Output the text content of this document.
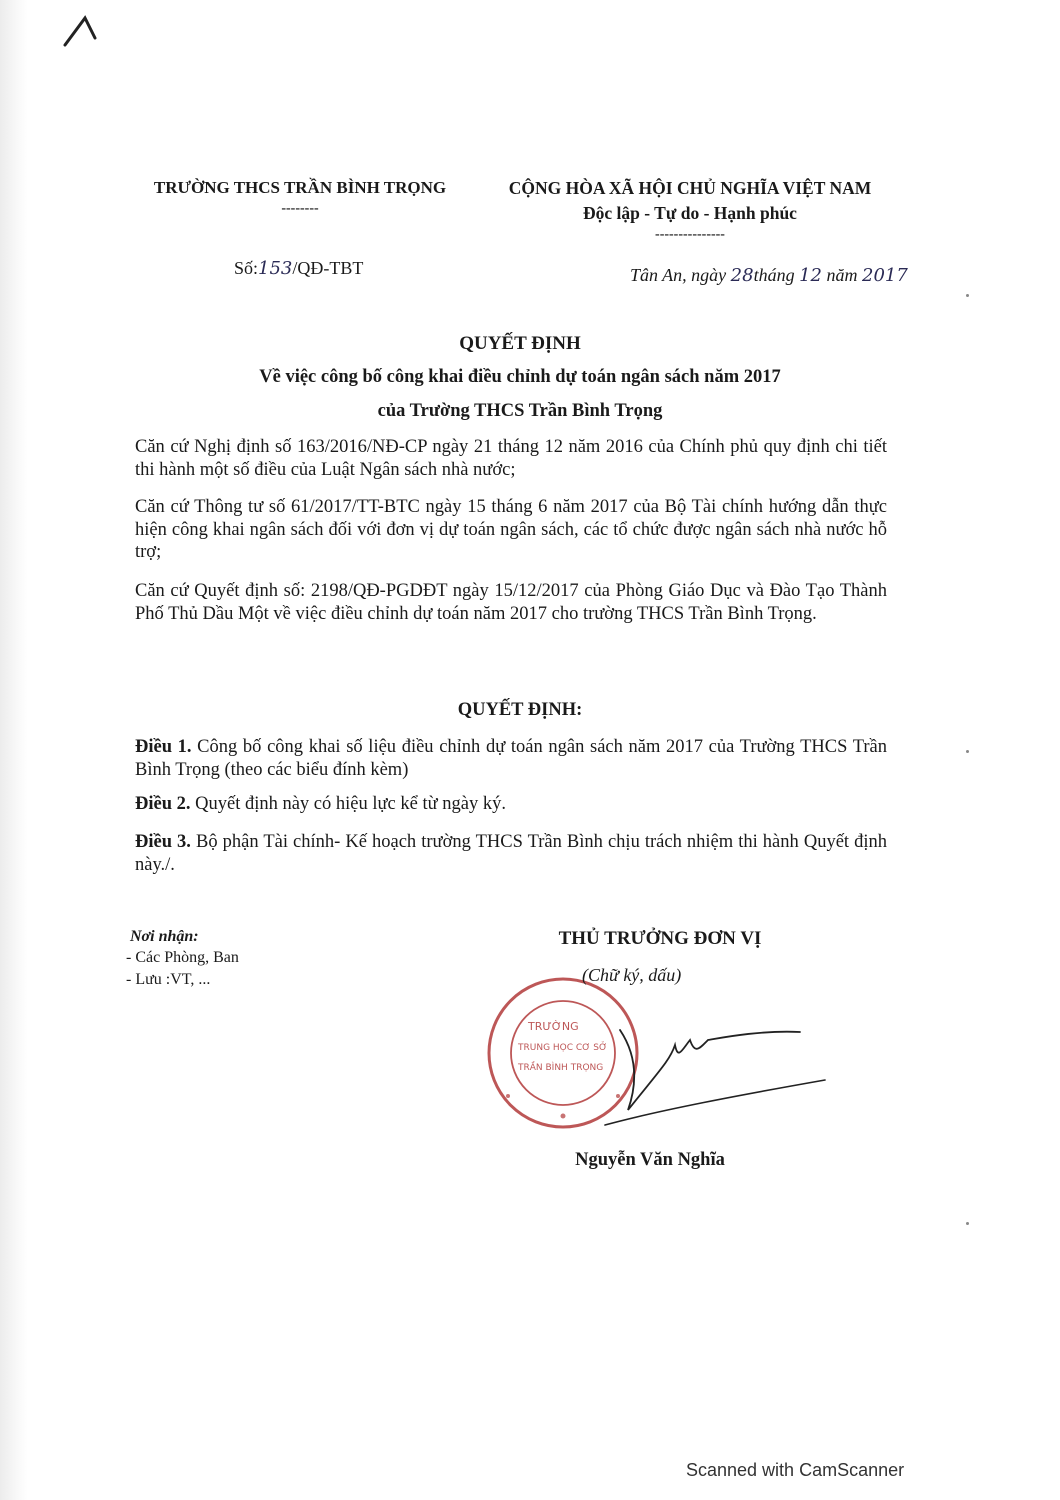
TRƯỜNG THCS TRẦN BÌNH TRỌNG
--------
CỘNG HÒA XÃ HỘI CHỦ NGHĨA VIỆT NAM
Độc lập - Tự do - Hạnh phúc
---------------
Số:153/QĐ-TBT	Tân An, ngày 28tháng 12 năm 2017
QUYẾT ĐỊNH
Về việc công bố công khai điều chỉnh dự toán ngân sách năm 2017
của Trường THCS Trần Bình Trọng
Căn cứ Nghị định số 163/2016/NĐ-CP ngày 21 tháng 12 năm 2016 của Chính phủ quy định chi tiết thi hành một số điều của Luật Ngân sách nhà nước;
Căn cứ Thông tư số 61/2017/TT-BTC ngày 15 tháng 6 năm 2017 của Bộ Tài chính hướng dẫn thực hiện công khai ngân sách đối với đơn vị dự toán ngân sách, các tổ chức được ngân sách nhà nước hỗ trợ;
Căn cứ Quyết định số: 2198/QĐ-PGDĐT ngày 15/12/2017 của Phòng Giáo Dục và Đào Tạo Thành Phố Thủ Dầu Một về việc điều chỉnh dự toán năm 2017 cho trường THCS Trần Bình Trọng.
QUYẾT ĐỊNH:
Điều 1. Công bố công khai số liệu điều chỉnh dự toán ngân sách năm 2017 của Trường THCS Trần Bình Trọng (theo các biểu đính kèm)
Điều 2. Quyết định này có hiệu lực kể từ ngày ký.
Điều 3. Bộ phận Tài chính- Kế hoạch trường THCS Trần Bình chịu trách nhiệm thi hành Quyết định này./.
Nơi nhận:
- Các Phòng, Ban
- Lưu :VT, ...
THỦ TRƯỞNG ĐƠN VỊ
TRƯỜNG
TRUNG HỌC CƠ SỞ
TRẦN BÌNH TRỌNG
(Chữ ký, dấu)
Nguyễn Văn Nghĩa
Scanned with CamScanner
